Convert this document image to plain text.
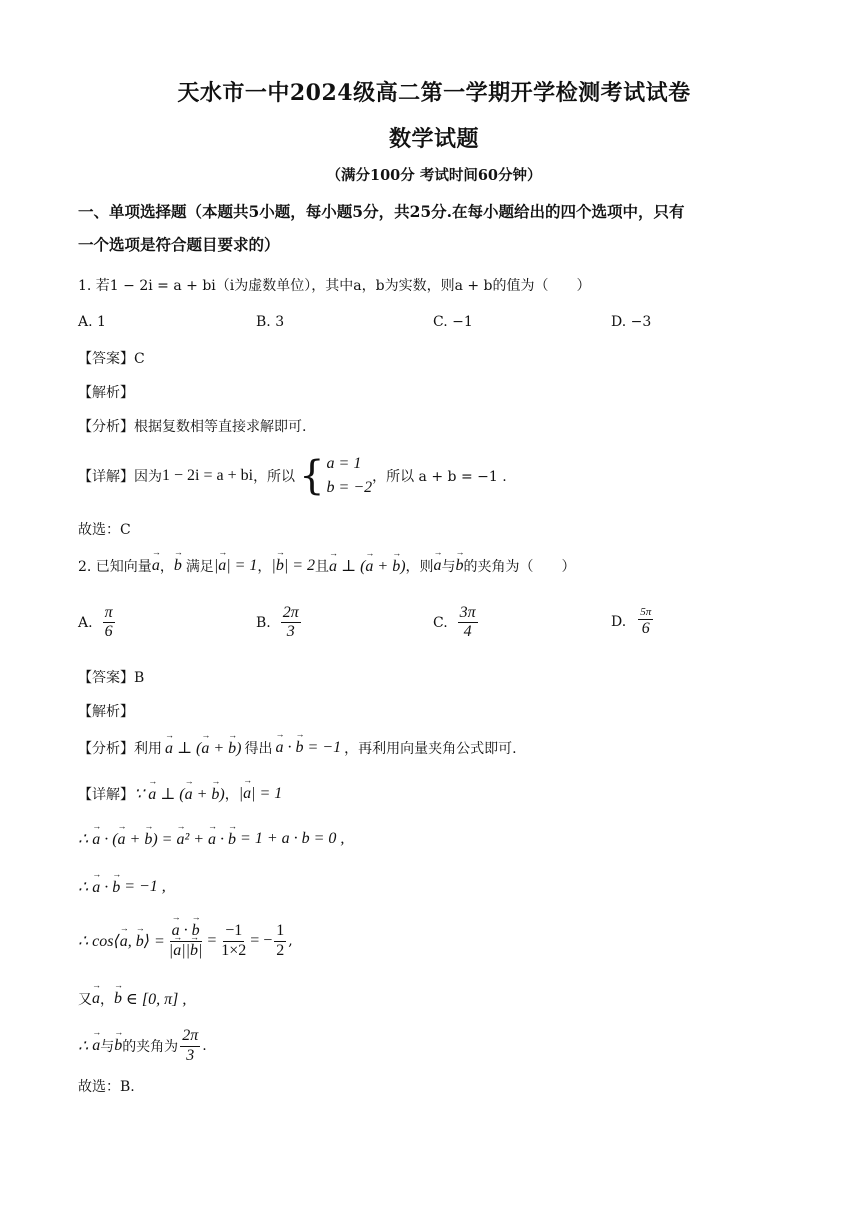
天水市一中2024级高二第一学期开学检测考试试卷
数学试题
（满分100分 考试时间60分钟）
一、单项选择题（本题共5小题，每小题5分，共25分.在每小题给出的四个选项中，只有
一个选项是符合题目要求的）
1. 若1 − 2i = a + bi（i为虚数单位），其中a，b为实数，则a + b的值为（　　）
A. 1	B. 3	C. −1	D. −3
【答案】C
【解析】
【分析】根据复数相等直接求解即可.
【详解】因为 1 − 2i = a + bi ，所以 { a = 1
b = −2
，所以 a + b = −1 .
故选：C
2. 已知向量 → a ， → b 满足 |→ a| = 1 ， |→ b| = 2 且 → a ⊥ (→ a + → b) ，则 → a 与 → b 的夹角为（　　）
A. $\frac{\pi}{6}$	B. $\frac{2\pi}{3}$	C. $\frac{3\pi}{4}$	D. $\frac{5\pi}{6}$
【答案】B
【解析】
【分析】利用 → a ⊥ (→ a + → b) 得出 → a · → b = −1 ，再利用向量夹角公式即可.
【详解】 ∵ → a ⊥ (→ a + → b) ， |→ a| = 1
∴ → a · (→ a + → b) = → a² + → a · → b = 1 + a · b = 0 ,
∴ → a · → b = −1 ,
∴ cos⟨→ a, → b⟩ = → $\frac{a \cdot \to b}{|\to a||\to b|} = \frac{-1}{1\times 2}$ = − $\frac{1}{2}$ ,
又 → a ， → b ∈ [0, π] ,
∴ → a 与 → b 的夹角为 $\frac{2\pi}{3}$ .
故选：B.
